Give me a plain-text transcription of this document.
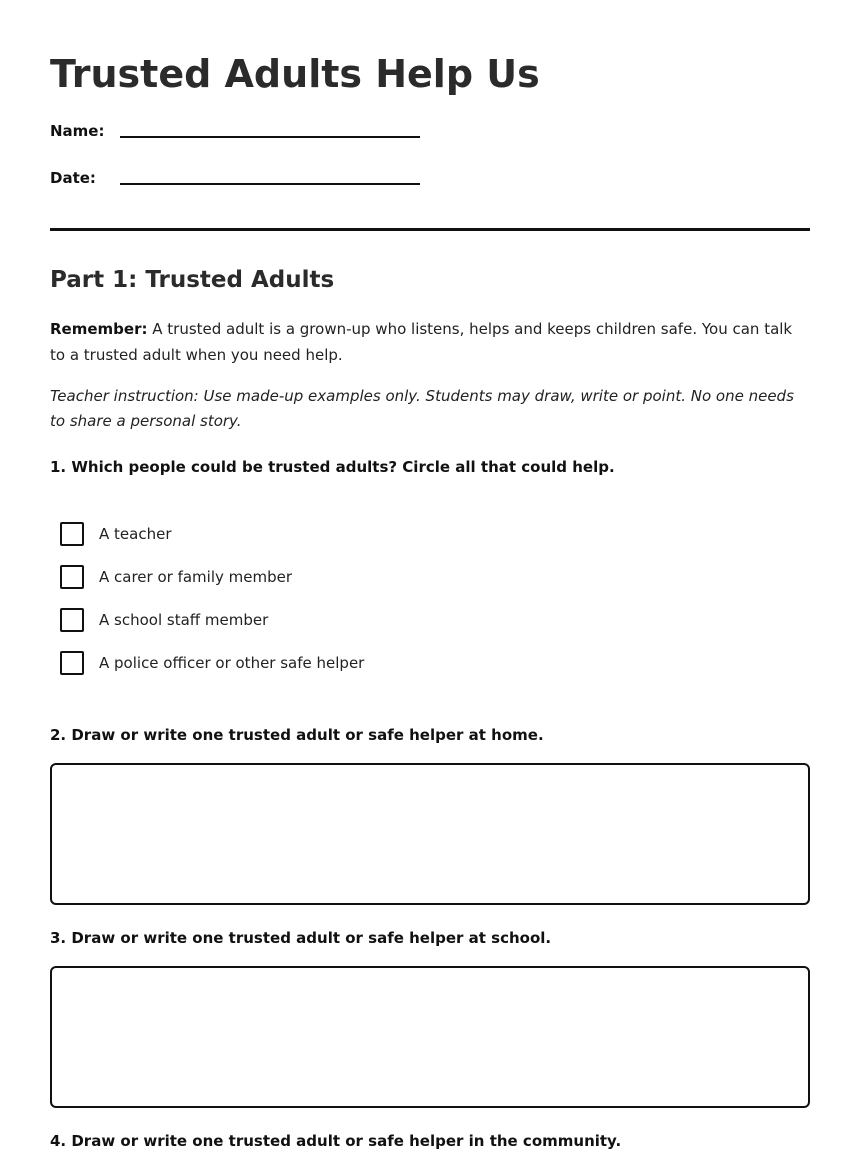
Trusted Adults Help Us
Name:
Date:
Part 1: Trusted Adults

Remember: A trusted adult is a grown-up who listens, helps and keeps children safe. You can talk to a trusted adult when you need help.

Teacher instruction: Use made-up examples only. Students may draw, write or point. No one needs to share a personal story.

1. Which people could be trusted adults? Circle all that could help.

A teacher
A carer or family member
A school staff member
A police officer or other safe helper

2. Draw or write one trusted adult or safe helper at home.

3. Draw or write one trusted adult or safe helper at school.

4. Draw or write one trusted adult or safe helper in the community.
